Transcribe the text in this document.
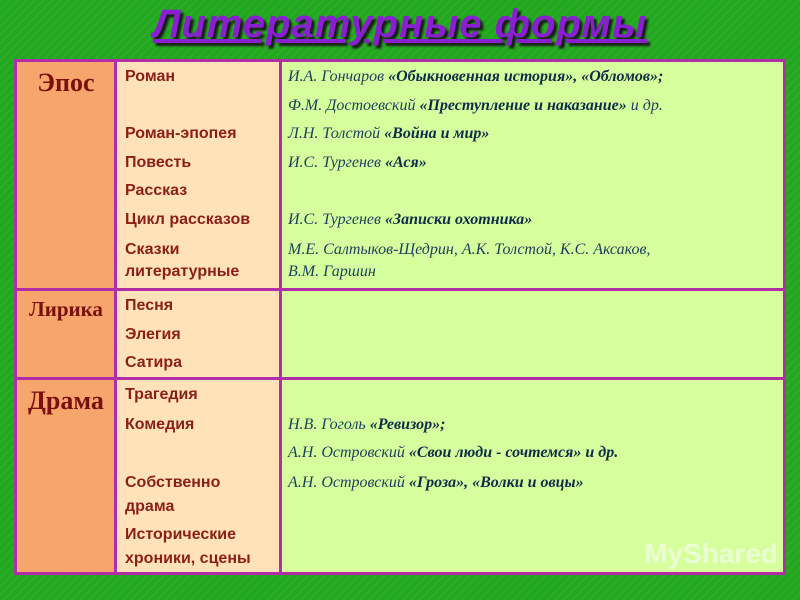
Литературные формы
Эпос
Лирика
Драма
Роман
Роман-эпопея
Повесть
Рассказ
Цикл рассказов
Сказки
литературные
Песня
Элегия
Сатира
Трагедия
Комедия
Собственно
драма
Исторические
хроники, сцены
И.А. Гончаров «Обыкновенная история», «Обломов»;
Ф.М. Достоевский «Преступление и наказание» и др.
Л.Н. Толстой «Война и мир»
И.С. Тургенев «Ася»
И.С. Тургенев «Записки охотника»
М.Е. Салтыков-Щедрин, А.К. Толстой, К.С. Аксаков,
В.М. Гаршин
Н.В. Гоголь «Ревизор»;
А.Н. Островский «Свои люди - сочтемся» и др.
А.Н. Островский «Гроза», «Волки и овцы»
MyShared
